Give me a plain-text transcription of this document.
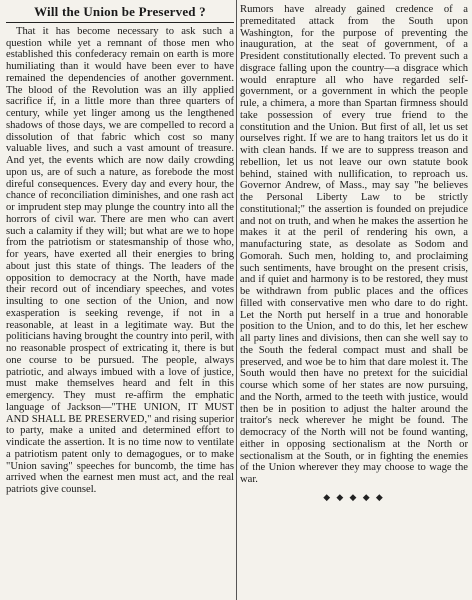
Will the Union be Preserved ?

That it has become necessary to ask such a question while yet a remnant of those men who established this confederacy remain on earth is more humiliating than it would have been ever to have remained the dependencies of another government. The blood of the Revolution was an illy applied sacrifice if, in a little more than three quarters of century, while yet linger among us the lengthened shadows of those days, we are compelled to record a dissolution of that fabric which cost so many valuable lives, and such a vast amount of treasure. And yet, the events which are now daily crowding upon us, are of such a nature, as forebode the most direful consequences. Every day and every hour, the chance of reconciliation diminishes, and one rash act or imprudent step may plunge the country into all the horrors of civil war. There are men who can avert such a calamity if they will; but what are we to hope from the patriotism or statesmanship of those who, for years, have exerted all their energies to bring about just this state of things. The leaders of the opposition to democracy at the North, have made their record out of incendiary speeches, and votes insulting to one section of the Union, and now exasperation is seeking revenge, if not in a reasonable, at least in a legitimate way. But the politicians having brought the country into peril, with no reasonable prospect of extricating it, there is but one course to be pursued. The people, always patriotic, and always imbued with a love of justice, must make themselves heard and felt in this emergency. They must re-affirm the emphatic language of Jackson—"THE UNION, IT MUST AND SHALL BE PRESERVED," and rising superior to party, make a united and determined effort to vindicate the assertion. It is no time now to ventilate a patriotism patent only to demagogues, or to make "Union saving" speeches for buncomb, the time has arrived when the earnest men must act, and the real patriots give counsel.

Rumors have already gained credence of a premeditated attack from the South upon Washington, for the purpose of preventing the inauguration, at the seat of government, of a President constitutionally elected. To prevent such a disgrace falling upon the country—a disgrace which would enrapture all who have regarded self-government, or a government in which the people rule, a chimera, a more than Spartan firmness should take possession of every true friend to the constitution and the Union. But first of all, let us set ourselves right. If we are to hang traitors let us do it with clean hands. If we are to suppress treason and rebellion, let us not leave our own statute book behind, stained with nullification, to reproach us. Governor Andrew, of Mass., may say "he believes the Personal Liberty Law to be strictly constitutional;" the assertion is founded on prejudice and not on truth, and when he makes the assertion he makes it at the peril of rendering his own, a manufacturing state, as desolate as Sodom and Gomorah. Such men, holding to, and proclaiming such sentiments, have brought on the present crisis, and if quiet and harmony is to be restored, they must be withdrawn from public places and the offices filled with conservative men who dare to do right. Let the North put herself in a true and honorable position to the Union, and to do this, let her eschew all party lines and divisions, then can she well say to the South the federal compact must and shall be preserved, and woe be to him that dare molest it. The South would then have no pretext for the suicidial course which some of her states are now pursuing, and the North, armed to the teeth with justice, would then be in position to adjust the halter around the traitor's neck wherever he might be found. The democracy of the North will not be found wanting, either in opposing sectionalism at the North or sectionalism at the South, or in fighting the enemies of the Union wherever they may choose to wage the war.

◆ ◆ ◆ ◆ ◆
